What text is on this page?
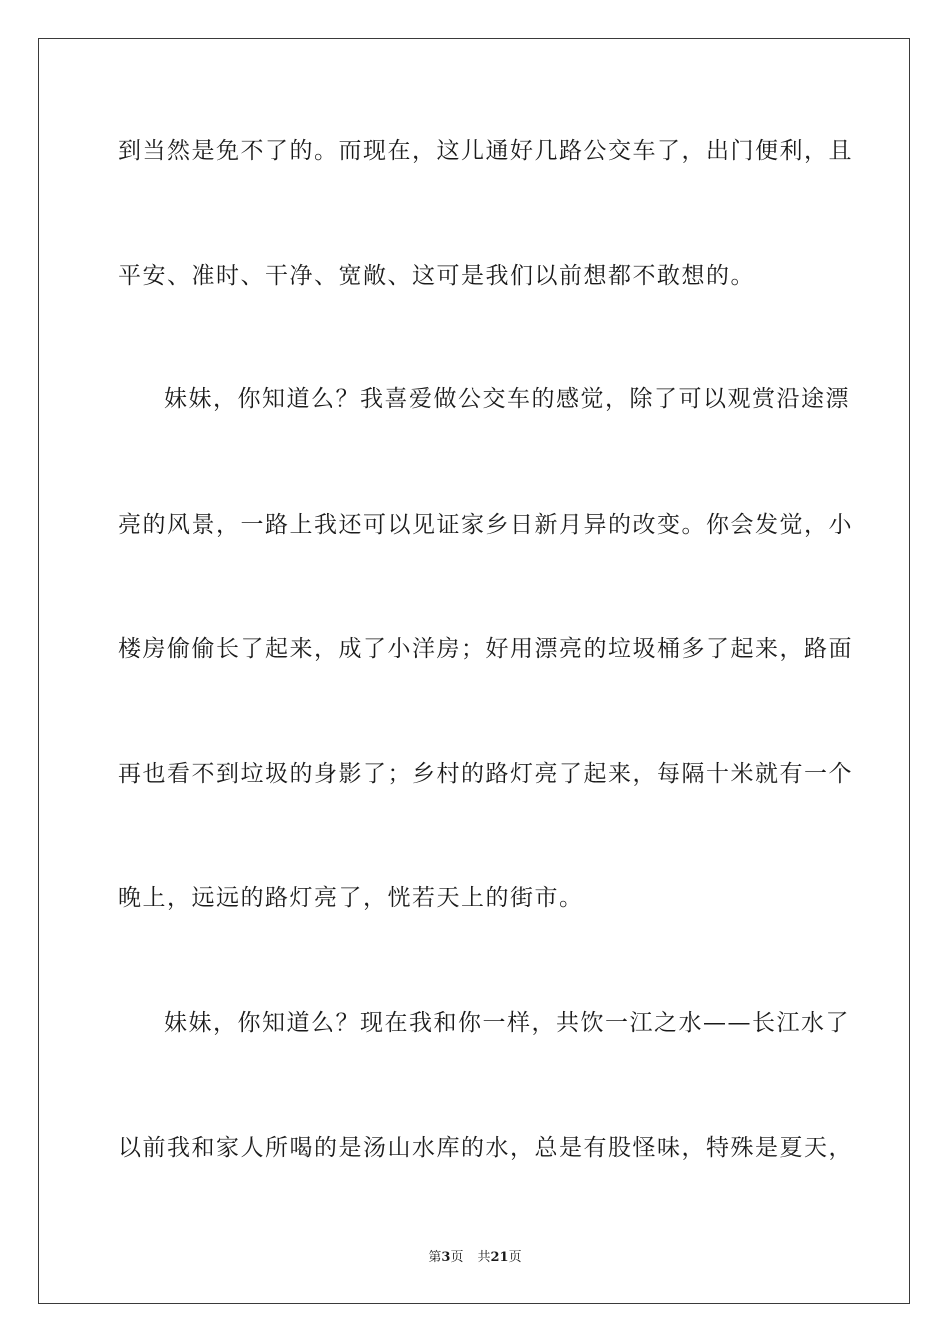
到当然是免不了的。而现在，这儿通好几路公交车了，出门便利，且
平安、准时、干净、宽敞、这可是我们以前想都不敢想的。
妹妹，你知道么？我喜爱做公交车的感觉，除了可以观赏沿途漂
亮的风景，一路上我还可以见证家乡日新月异的改变。你会发觉，小
楼房偷偷长了起来，成了小洋房；好用漂亮的垃圾桶多了起来，路面
再也看不到垃圾的身影了；乡村的路灯亮了起来，每隔十米就有一个
晚上，远远的路灯亮了，恍若天上的街市。
妹妹，你知道么？现在我和你一样，共饮一江之水——长江水了
以前我和家人所喝的是汤山水库的水，总是有股怪味，特殊是夏天，
第3页 共21页
